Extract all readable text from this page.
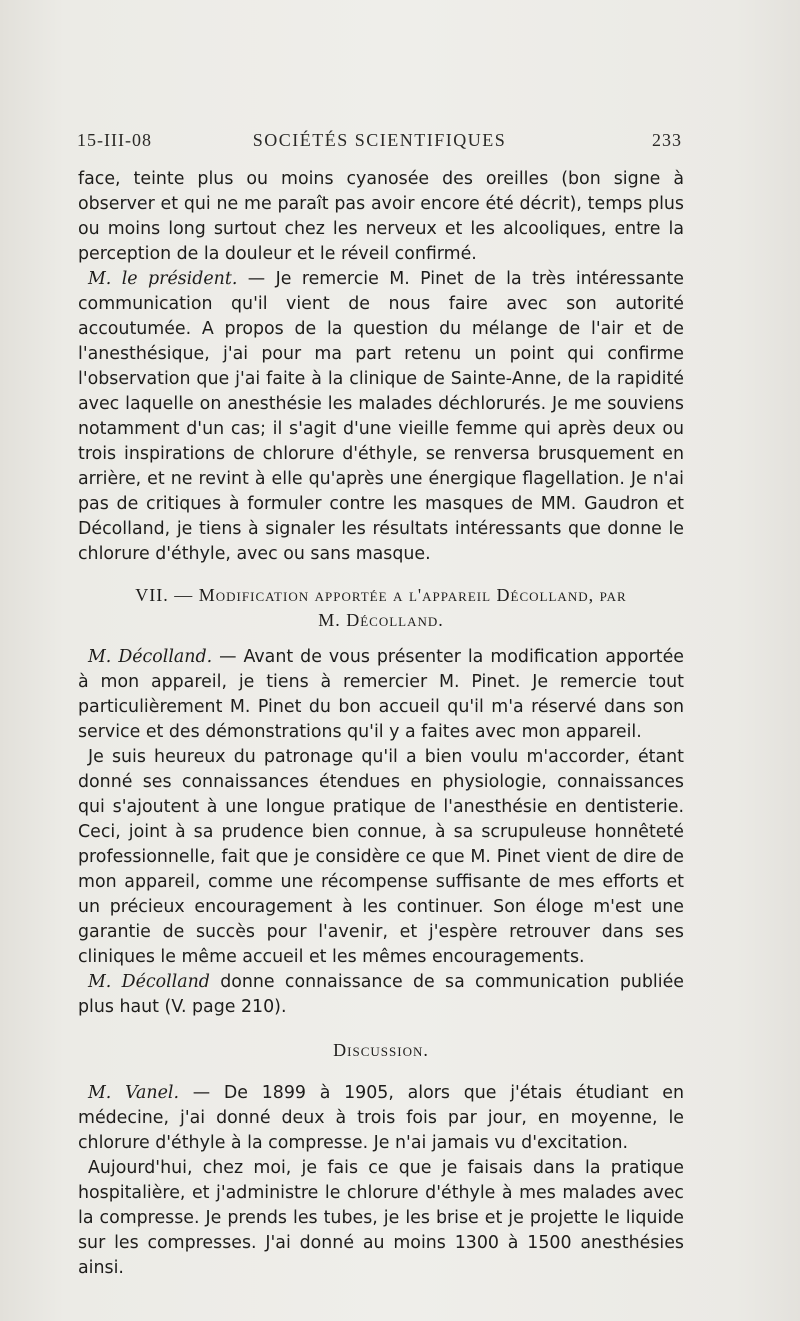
15-III-08	SOCIÉTÉS SCIENTIFIQUES	233

face, teinte plus ou moins cyanosée des oreilles (bon signe à observer et qui ne me paraît pas avoir encore été décrit), temps plus ou moins long surtout chez les nerveux et les alcooliques, entre la perception de la douleur et le réveil confirmé.

M. le président. — Je remercie M. Pinet de la très intéressante communication qu'il vient de nous faire avec son autorité accoutumée. A propos de la question du mélange de l'air et de l'anesthésique, j'ai pour ma part retenu un point qui confirme l'observation que j'ai faite à la clinique de Sainte-Anne, de la rapidité avec laquelle on anesthésie les malades déchlorurés. Je me souviens notamment d'un cas; il s'agit d'une vieille femme qui après deux ou trois inspirations de chlorure d'éthyle, se renversa brusquement en arrière, et ne revint à elle qu'après une énergique flagellation. Je n'ai pas de critiques à formuler contre les masques de MM. Gaudron et Décolland, je tiens à signaler les résultats intéressants que donne le chlorure d'éthyle, avec ou sans masque.

VII. — Modification apportée a l'appareil Décolland, par

M. Décolland.

M. Décolland. — Avant de vous présenter la modification apportée à mon appareil, je tiens à remercier M. Pinet. Je remercie tout particulièrement M. Pinet du bon accueil qu'il m'a réservé dans son service et des démonstrations qu'il y a faites avec mon appareil.

Je suis heureux du patronage qu'il a bien voulu m'accorder, étant donné ses connaissances étendues en physiologie, connaissances qui s'ajoutent à une longue pratique de l'anesthésie en dentisterie. Ceci, joint à sa prudence bien connue, à sa scrupuleuse honnêteté professionnelle, fait que je considère ce que M. Pinet vient de dire de mon appareil, comme une récompense suffisante de mes efforts et un précieux encouragement à les continuer. Son éloge m'est une garantie de succès pour l'avenir, et j'espère retrouver dans ses cliniques le même accueil et les mêmes encouragements.

M. Décolland donne connaissance de sa communication publiée plus haut (V. page 210).

Discussion.

M. Vanel. — De 1899 à 1905, alors que j'étais étudiant en médecine, j'ai donné deux à trois fois par jour, en moyenne, le chlorure d'éthyle à la compresse. Je n'ai jamais vu d'excitation.

Aujourd'hui, chez moi, je fais ce que je faisais dans la pratique hospitalière, et j'administre le chlorure d'éthyle à mes malades avec la compresse. Je prends les tubes, je les brise et je projette le liquide sur les compresses. J'ai donné au moins 1300 à 1500 anesthésies ainsi.
